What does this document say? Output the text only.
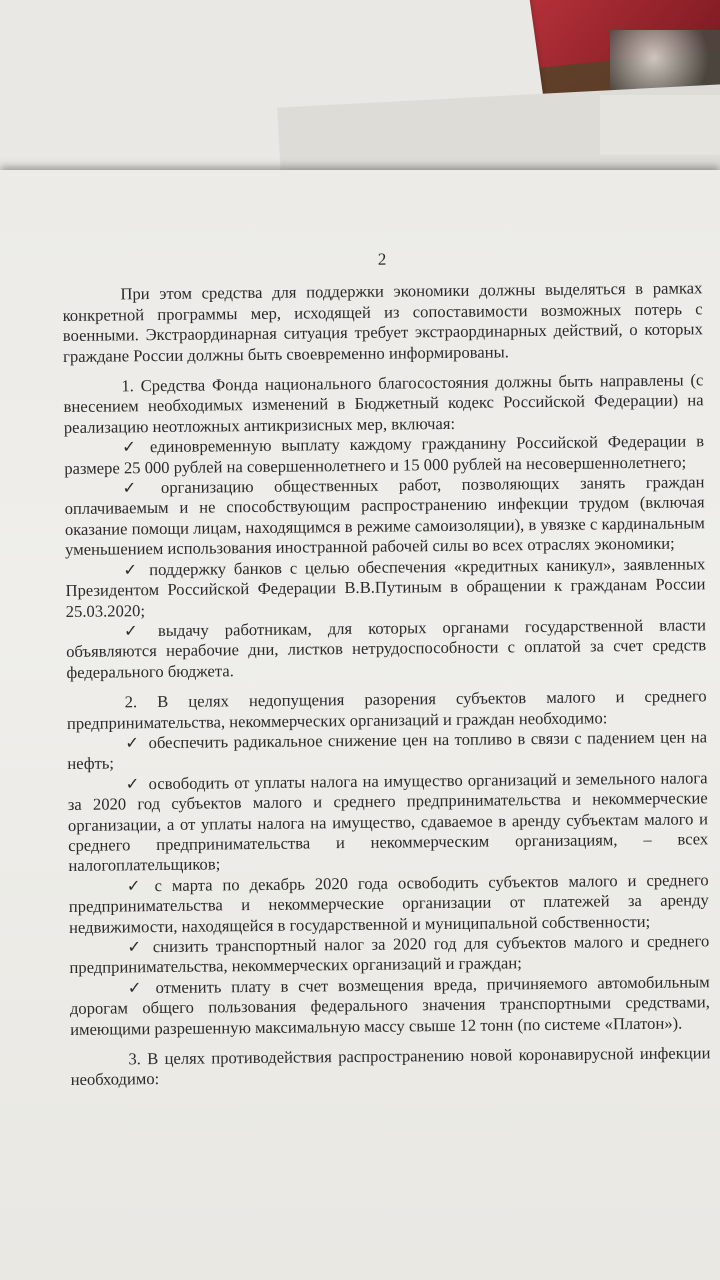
2

При этом средства для поддержки экономики должны выделяться в рамках конкретной программы мер, исходящей из сопоставимости возможных потерь с военными. Экстраординарная ситуация требует экстраординарных действий, о которых граждане России должны быть своевременно информированы.

1. Средства Фонда национального благосостояния должны быть направлены (с внесением необходимых изменений в Бюджетный кодекс Российской Федерации) на реализацию неотложных антикризисных мер, включая:

✓ единовременную выплату каждому гражданину Российской Федерации в размере 25 000 рублей на совершеннолетнего и 15 000 рублей на несовершеннолетнего;

✓ организацию общественных работ, позволяющих занять граждан оплачиваемым и не способствующим распространению инфекции трудом (включая оказание помощи лицам, находящимся в режиме самоизоляции), в увязке с кардинальным уменьшением использования иностранной рабочей силы во всех отраслях экономики;

✓ поддержку банков с целью обеспечения «кредитных каникул», заявленных Президентом Российской Федерации В.В.Путиным в обращении к гражданам России 25.03.2020;

✓ выдачу работникам, для которых органами государственной власти объявляются нерабочие дни, листков нетрудоспособности с оплатой за счет средств федерального бюджета.

2. В целях недопущения разорения субъектов малого и среднего предпринимательства, некоммерческих организаций и граждан необходимо:

✓ обеспечить радикальное снижение цен на топливо в связи с падением цен на нефть;

✓ освободить от уплаты налога на имущество организаций и земельного налога за 2020 год субъектов малого и среднего предпринимательства и некоммерческие организации, а от уплаты налога на имущество, сдаваемое в аренду субъектам малого и среднего предпринимательства и некоммерческим организациям, – всех налогоплательщиков;

✓ с марта по декабрь 2020 года освободить субъектов малого и среднего предпринимательства и некоммерческие организации от платежей за аренду недвижимости, находящейся в государственной и муниципальной собственности;

✓ снизить транспортный налог за 2020 год для субъектов малого и среднего предпринимательства, некоммерческих организаций и граждан;

✓ отменить плату в счет возмещения вреда, причиняемого автомобильным дорогам общего пользования федерального значения транспортными средствами, имеющими разрешенную максимальную массу свыше 12 тонн (по системе «Платон»).

3. В целях противодействия распространению новой коронавирусной инфекции необходимо:
